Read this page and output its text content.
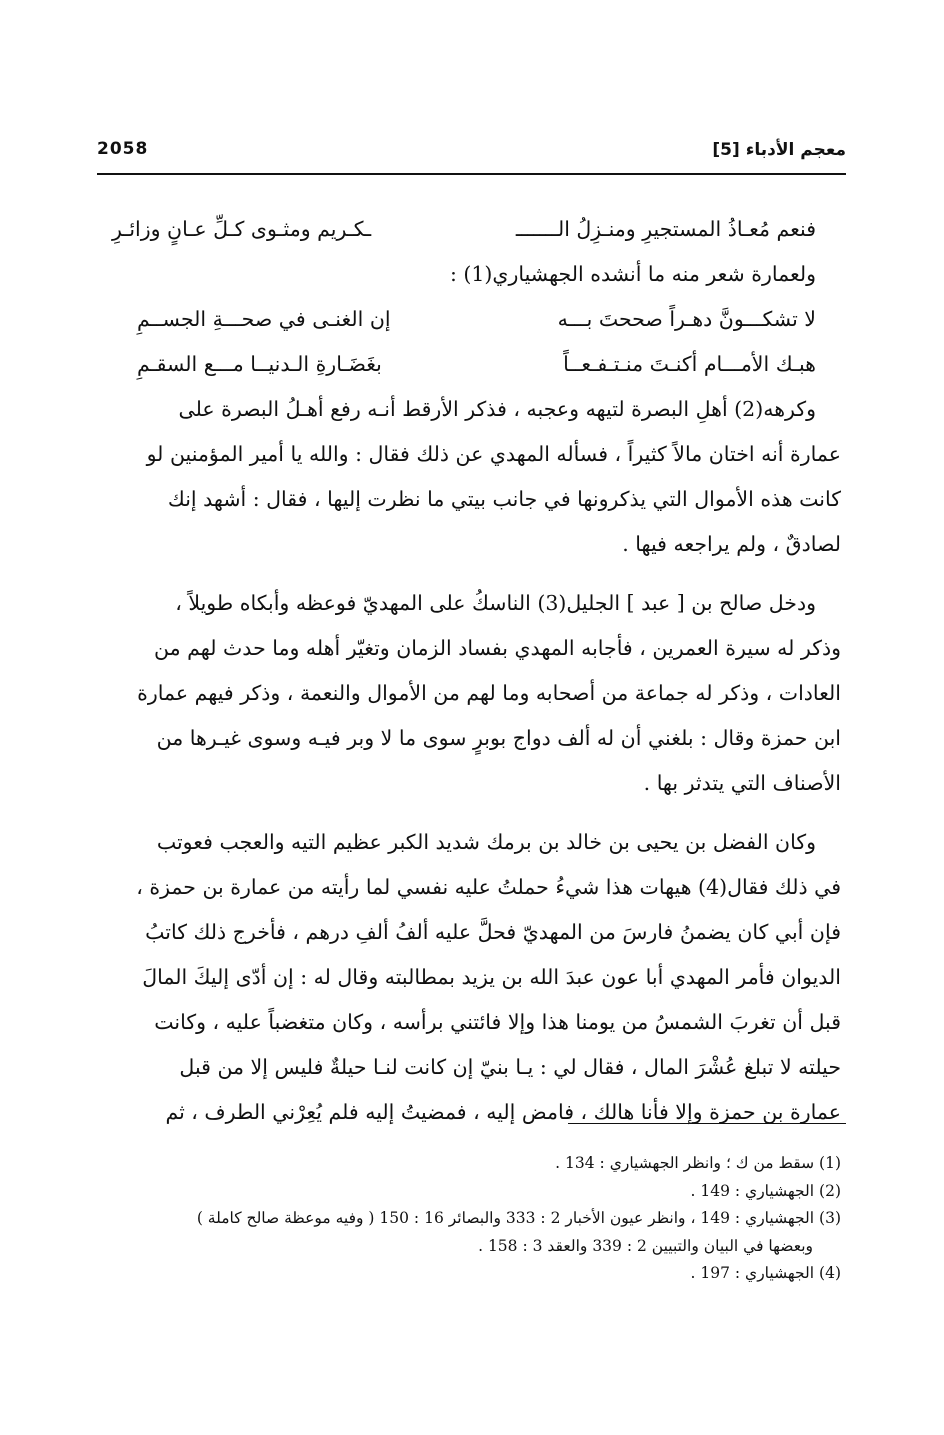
2058	معجم الأدباء [5]
فنعم مُعـاذُ المستجيرِ ومنـزِلُ الـــــــ
ـكـريم ومثـوى كـلِّ عـانٍ وزائـرِ

ولعمارة شعر منه ما أنشده الجهشياري(1) :

لا تشكـــونَّ دهـراً صححتَ بـــه
إن الغنـى في صحـــةِ الجســمِ
هبـك الأمـــام أكنـتَ منـتـفـعــاً
بغَضَـارةِ الـدنيــا مـــع السقـمِ

وكرهه(2) أهلِ البصرة لتيهه وعجبه ، فذكر الأرقط أنـه رفع أهـلُ البصرة على

عمارة أنه اختان مالاً كثيراً ، فسأله المهدي عن ذلك فقال : والله يا أمير المؤمنين لو

كانت هذه الأموال التي يذكرونها في جانب بيتي ما نظرت إليها ، فقال : أشهد إنك

لصادقٌ ، ولم يراجعه فيها .

ودخل صالح بن [ عبد ] الجليل(3) الناسكُ على المهديّ فوعظه وأبكاه طويلاً ،

وذكر له سيرة العمرين ، فأجابه المهدي بفساد الزمان وتغيّر أهله وما حدث لهم من

العادات ، وذكر له جماعة من أصحابه وما لهم من الأموال والنعمة ، وذكر فيهم عمارة

ابن حمزة وقال : بلغني أن له ألف دواج بوبرٍ سوى ما لا وبر فيـه وسوى غيـرها من

الأصناف التي يتدثر بها .

وكان الفضل بن يحيى بن خالد بن برمك شديد الكبر عظيم التيه والعجب فعوتب

في ذلك فقال(4) هيهات هذا شيءُ حملتُ عليه نفسي لما رأيته من عمارة بن حمزة ،

فإن أبي كان يضمنُ فارسَ من المهديّ فحلَّ عليه ألفُ ألفِ درهم ، فأخرج ذلك كاتبُ

الديوان فأمر المهدي أبا عون عبدَ الله بن يزيد بمطالبته وقال له : إن أدّى إليكَ المالَ

قبل أن تغربَ الشمسُ من يومنا هذا وإلا فائتني برأسه ، وكان متغضباً عليه ، وكانت

حيلته لا تبلغ عُشْرَ المال ، فقال لي : يـا بنيّ إن كانت لنـا حيلةٌ فليس إلا من قبل

عمارة بن حمزة وإلا فأنا هالك ، فامض إليه ، فمضيتُ إليه فلم يُعِرْني الطرف ، ثم

(1) سقط من ك ؛ وانظر الجهشياري : 134 .

(2) الجهشياري : 149 .

(3) الجهشياري : 149 ، وانظر عيون الأخبار 2 : 333 والبصائر 16 : 150 ( وفيه موعظة صالح كاملة )

وبعضها في البيان والتبيين 2 : 339 والعقد 3 : 158 .

(4) الجهشياري : 197 .
